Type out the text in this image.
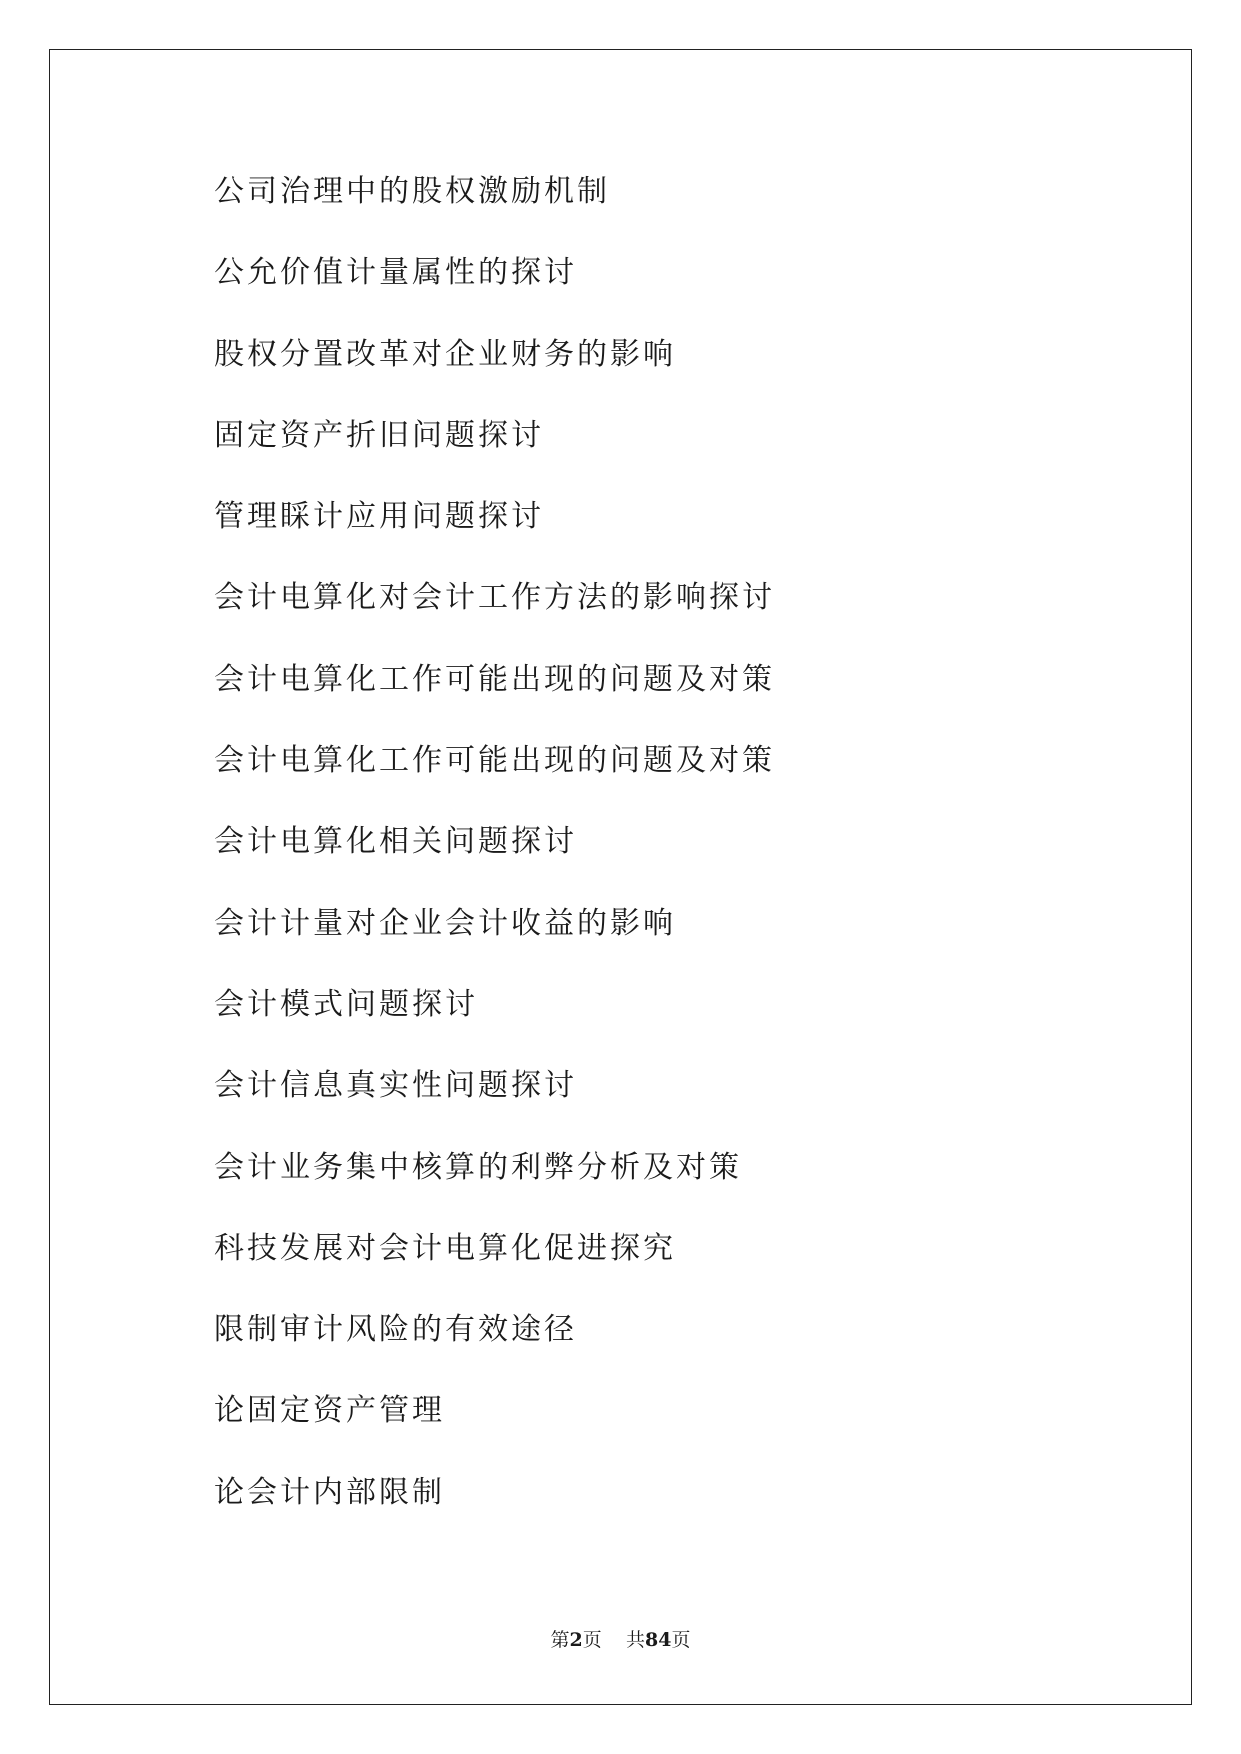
公司治理中的股权激励机制
公允价值计量属性的探讨
股权分置改革对企业财务的影响
固定资产折旧问题探讨
管理睬计应用问题探讨
会计电算化对会计工作方法的影响探讨
会计电算化工作可能出现的问题及对策
会计电算化工作可能出现的问题及对策
会计电算化相关问题探讨
会计计量对企业会计收益的影响
会计模式问题探讨
会计信息真实性问题探讨
会计业务集中核算的利弊分析及对策
科技发展对会计电算化促进探究
限制审计风险的有效途径
论固定资产管理
论会计内部限制
第2页 共84页
